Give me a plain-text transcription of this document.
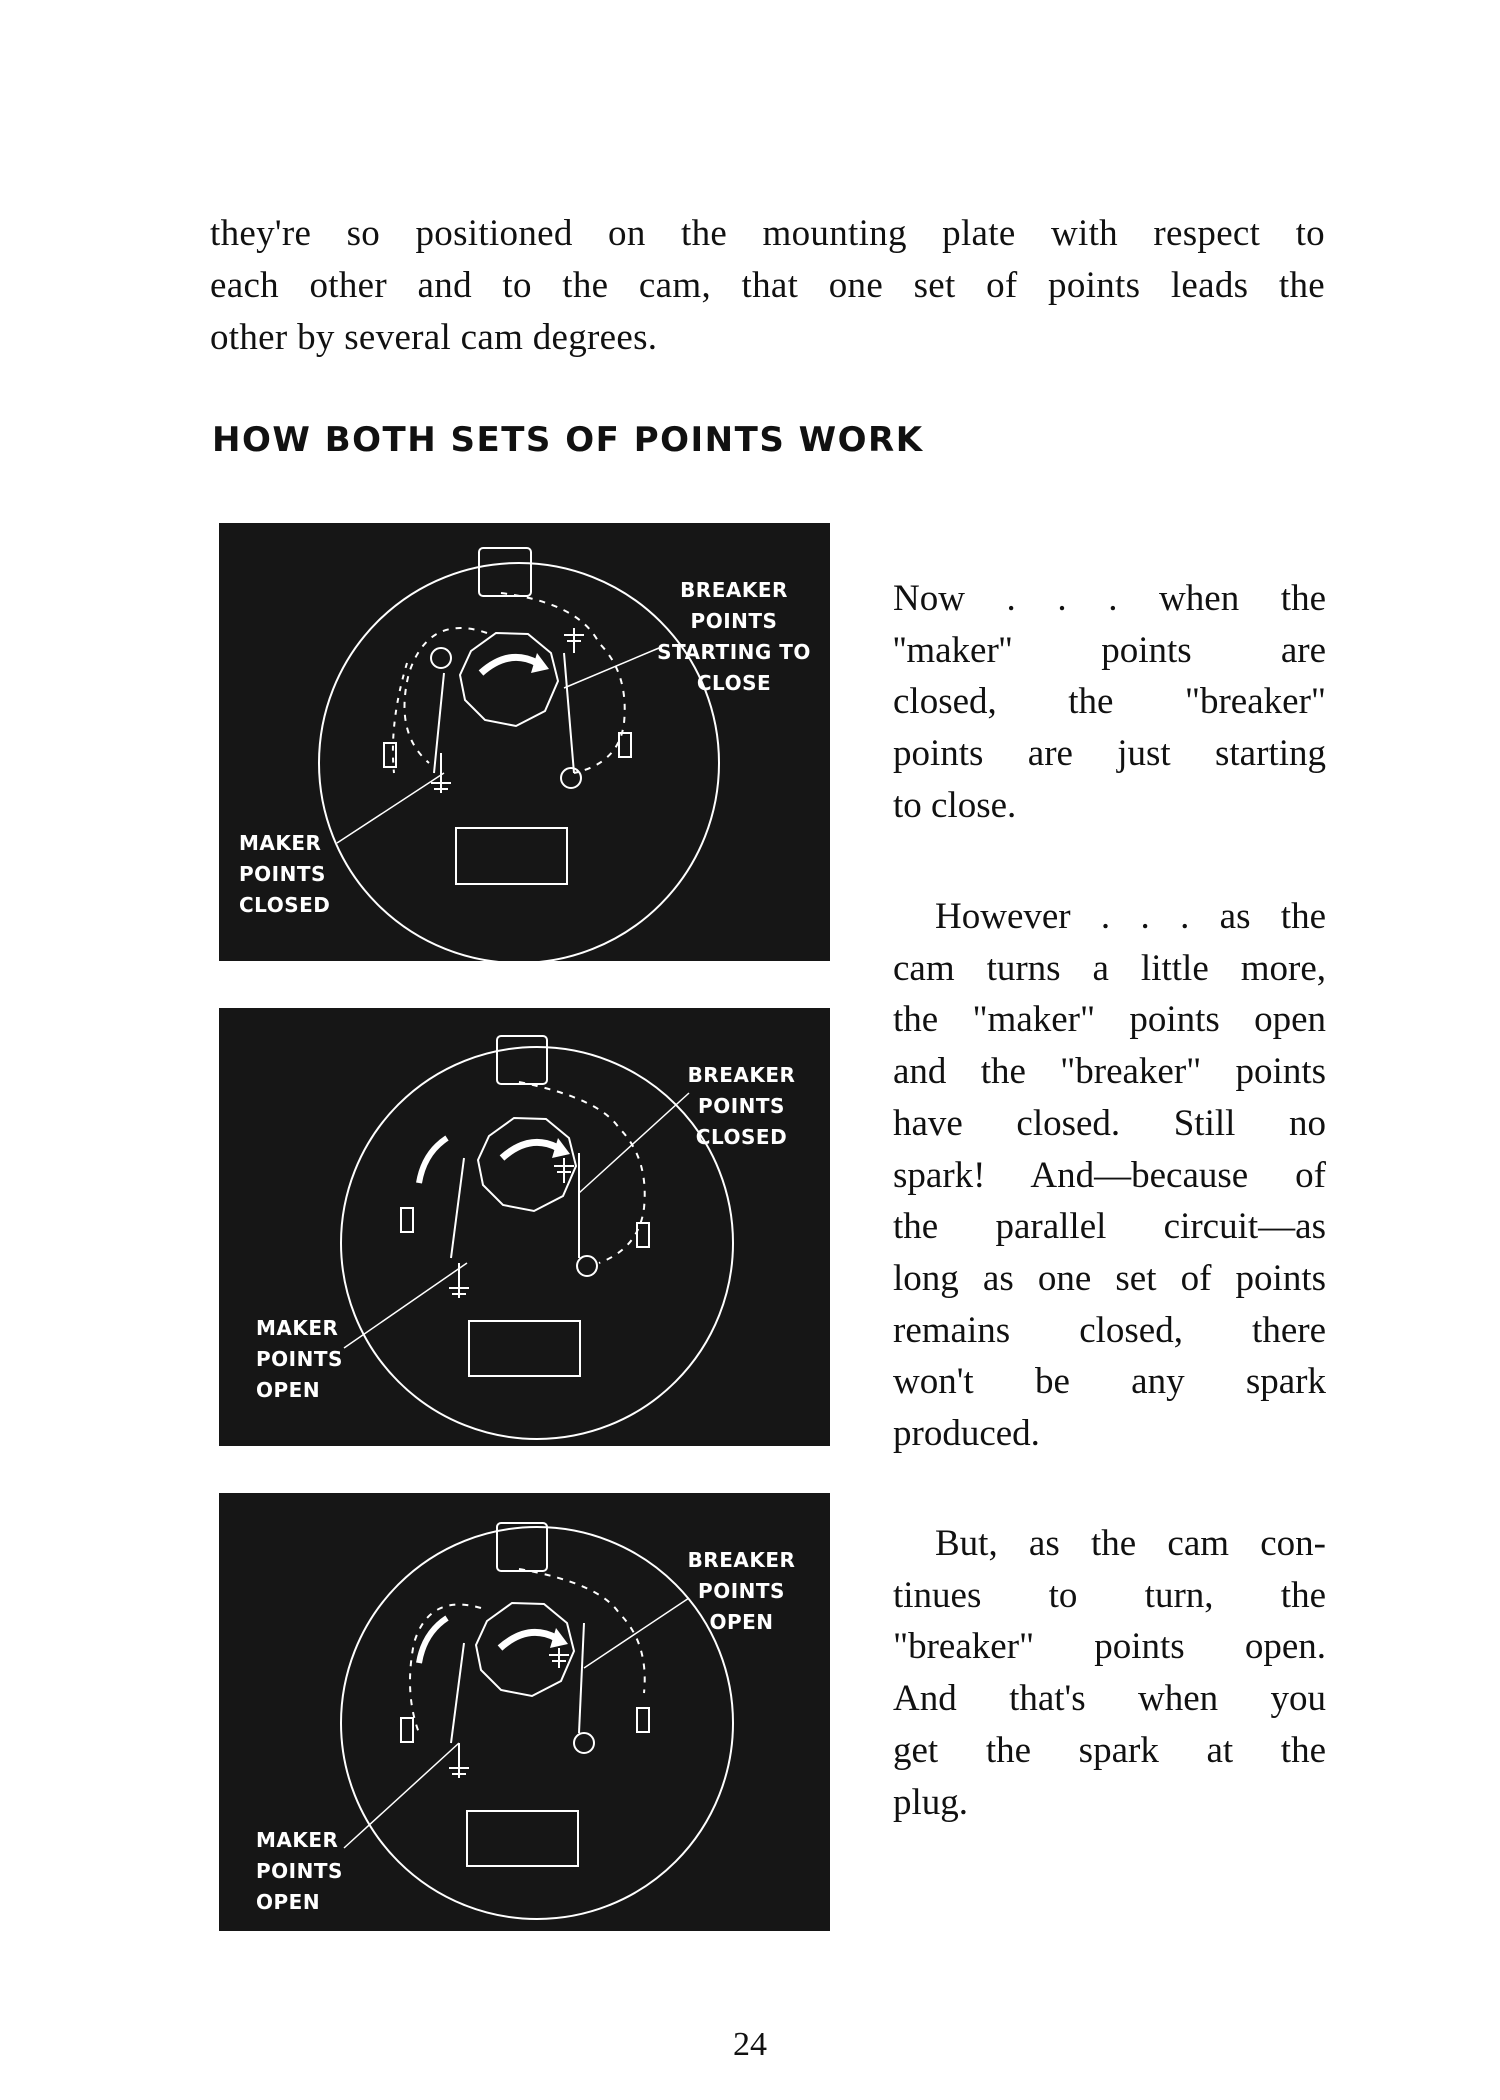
they're so positioned on the mounting plate with respect to
each other and to the cam, that one set of points leads the
other by several cam degrees.

HOW BOTH SETS OF POINTS WORK
BREAKER
POINTS
STARTING TO
CLOSE
MAKER
POINTS
CLOSED
BREAKER
POINTS
CLOSED
MAKER
POINTS
OPEN
BREAKER
POINTS
OPEN
MAKER
POINTS
OPEN

Now . . . when the
''maker'' points are
closed, the "breaker"
points are just starting
to close.

However . . . as the
cam turns a little more,
the "maker" points open
and the "breaker" points
have closed. Still no
spark! And—because of
the parallel circuit—as
long as one set of points
remains closed, there
won't be any spark
produced.

But, as the cam con-
tinues to turn, the
"breaker" points open.
And that's when you
get the spark at the
plug.

24
